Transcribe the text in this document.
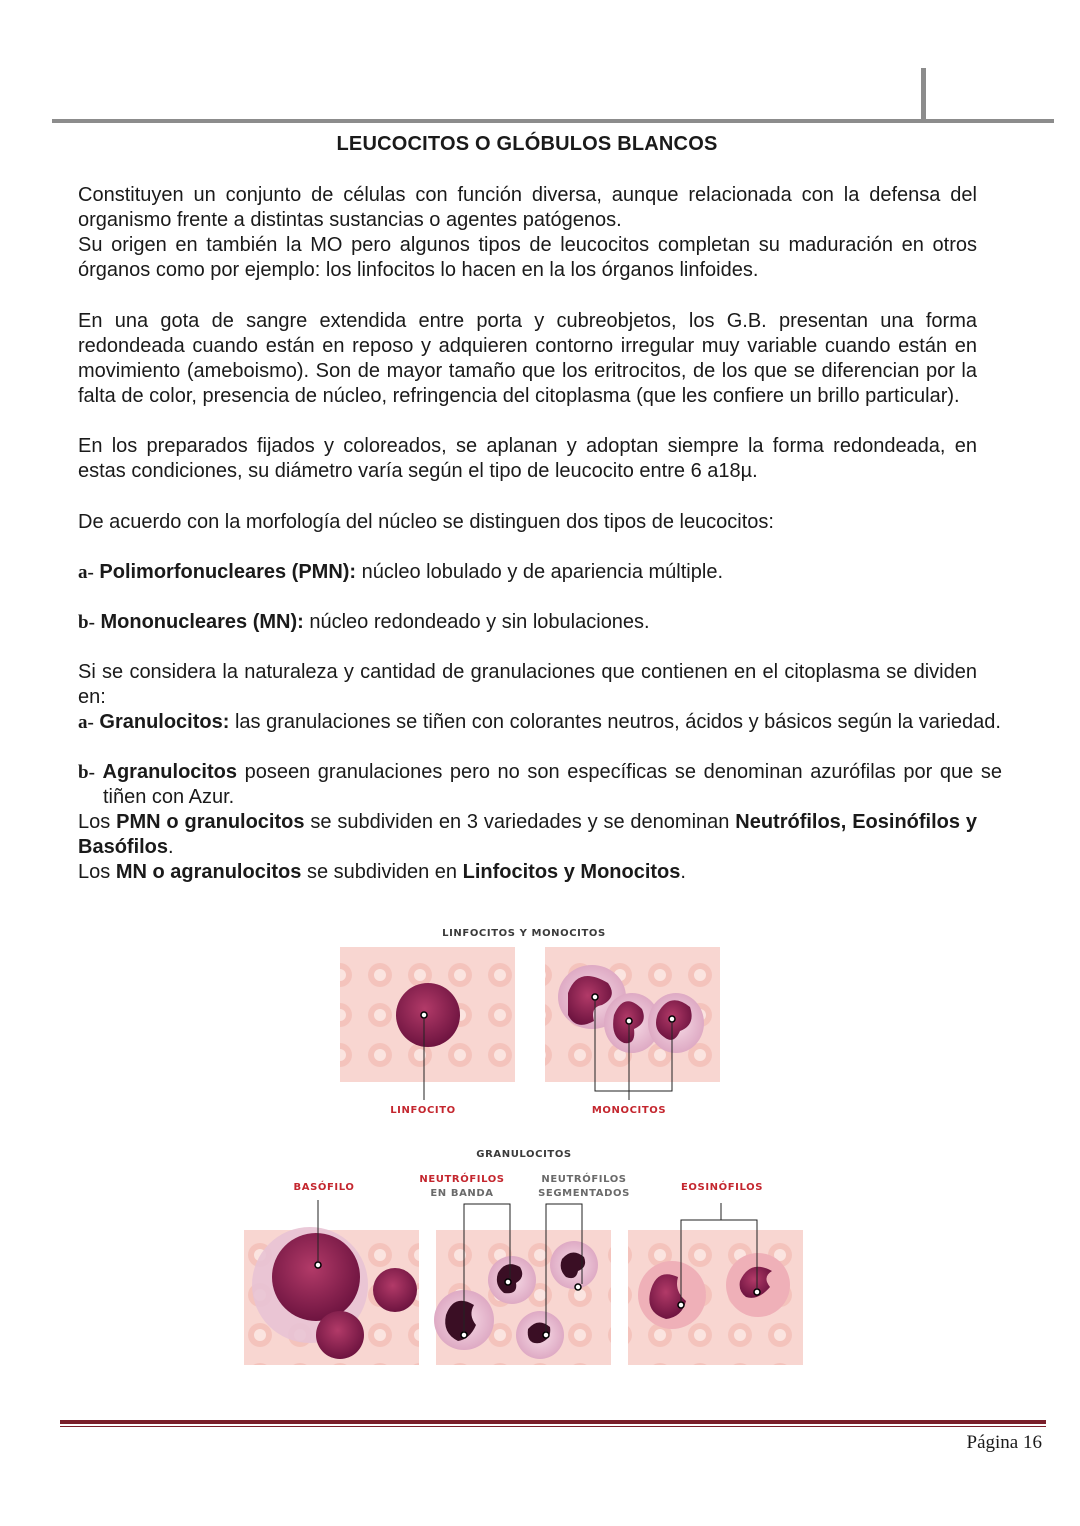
LEUCOCITOS O GLÓBULOS BLANCOS

Constituyen un conjunto de células con función diversa, aunque relacionada con la defensa del organismo frente a distintas sustancias o agentes patógenos.

Su origen en también la MO pero algunos tipos de leucocitos completan su maduración en otros órganos como por ejemplo: los linfocitos lo hacen en la los órganos linfoides.

En una gota de sangre extendida entre porta y cubreobjetos, los G.B. presentan una forma redondeada cuando están en reposo y adquieren contorno irregular muy variable cuando están en movimiento (ameboismo). Son de mayor tamaño que los eritrocitos, de los que se diferencian por la falta de color, presencia de núcleo, refringencia del citoplasma (que les confiere un brillo particular).

En los preparados fijados y coloreados, se aplanan y adoptan siempre la forma redondeada, en estas condiciones, su diámetro varía según el tipo de leucocito entre 6 a18µ.

De acuerdo con la morfología del núcleo se distinguen dos tipos de leucocitos:

a- Polimorfonucleares (PMN): núcleo lobulado y de apariencia múltiple.

b- Mononucleares (MN): núcleo redondeado y sin lobulaciones.

Si se considera la naturaleza y cantidad de granulaciones que contienen en el citoplasma se dividen en:

a- Granulocitos: las granulaciones se tiñen con colorantes neutros, ácidos y básicos según la variedad.

b- Agranulocitos poseen granulaciones pero no son específicas se denominan azurófilas por que se tiñen con Azur.

Los PMN o granulocitos se subdividen en 3 variedades y se denominan Neutrófilos, Eosinófilos y Basófilos.

Los MN o agranulocitos se subdividen en Linfocitos y Monocitos.

LINFOCITOS Y MONOCITOS
LINFOCITO	MONOCITOS
GRANULOCITOS
BASÓFILO
NEUTRÓFILOS
EN BANDA
NEUTRÓFILOS
SEGMENTADOS
EOSINÓFILOS
Página 16
